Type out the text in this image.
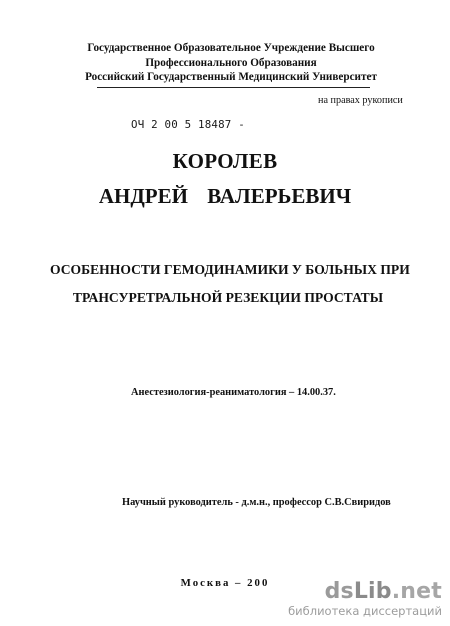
Государственное Образовательное Учреждение Высшего
Профессионального Образования
Российский Государственный Медицинский Университет
на правах рукописи
ОЧ 2 00 5 18487 -
КОРОЛЕВ
АНДРЕЙ ВАЛЕРЬЕВИЧ
ОСОБЕННОСТИ ГЕМОДИНАМИКИ У БОЛЬНЫХ ПРИ
ТРАНСУРЕТРАЛЬНОЙ РЕЗЕКЦИИ ПРОСТАТЫ
Анестезиология-реаниматология – 14.00.37.
Научный руководитель - д.м.н., профессор С.В.Свиридов
Москва – 200	dsLib.net
библиотека диссертаций
